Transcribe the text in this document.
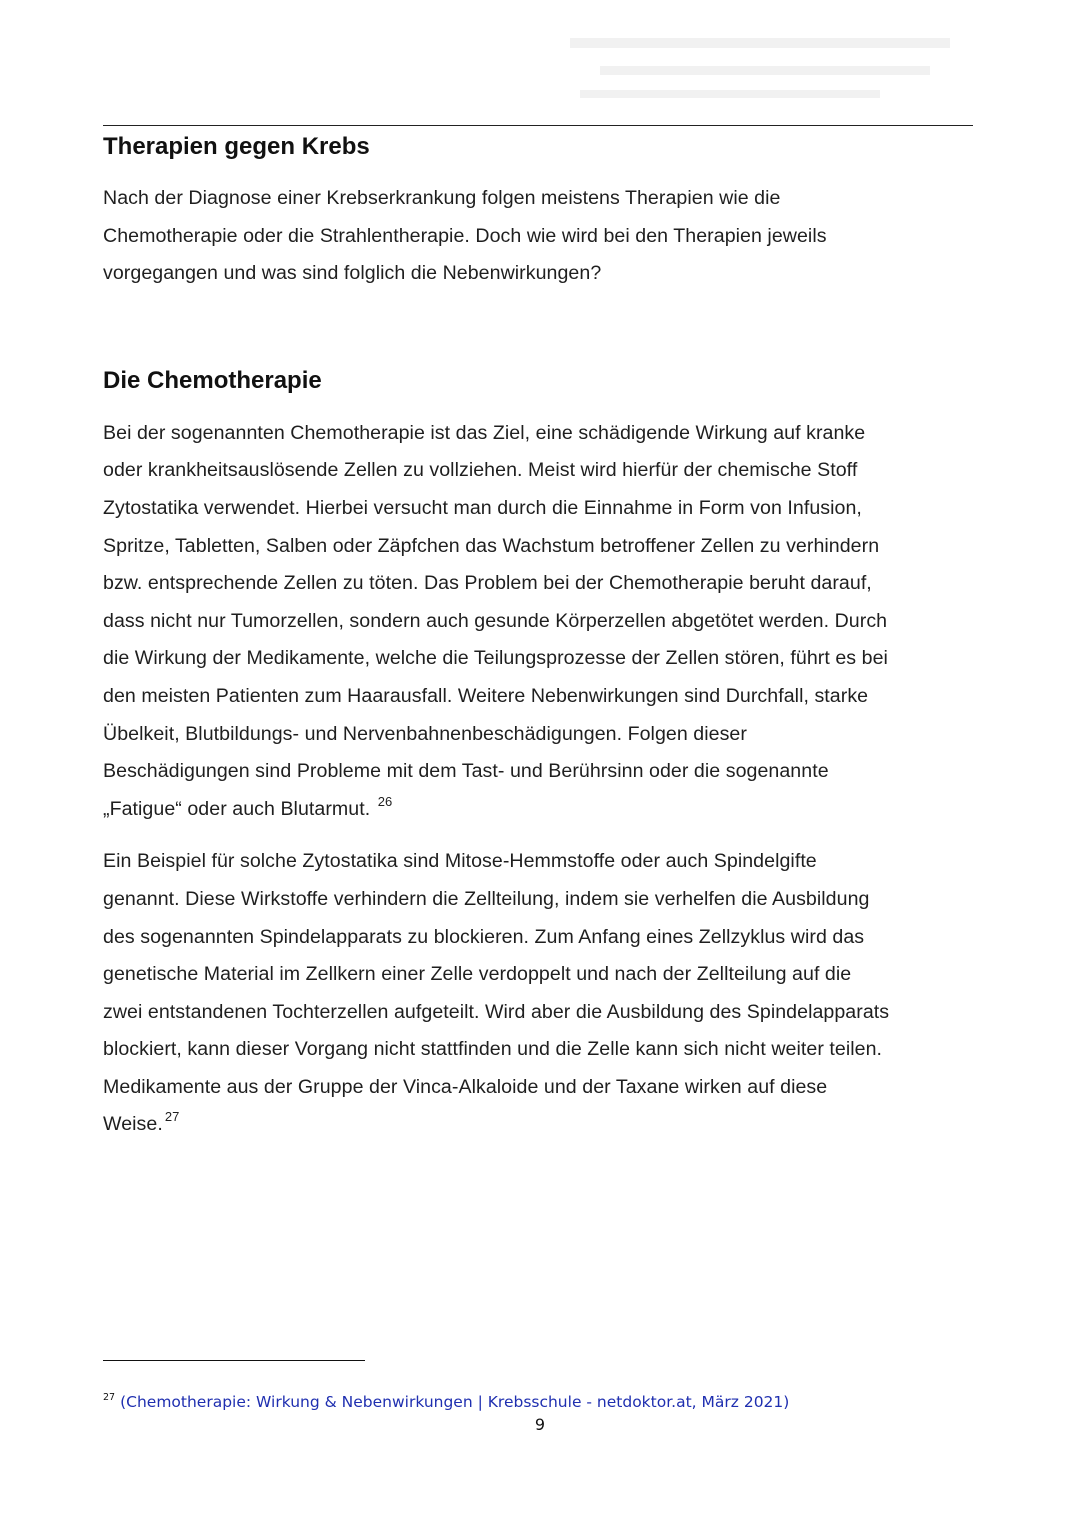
Therapien gegen Krebs

Nach der Diagnose einer Krebserkrankung folgen meistens Therapien wie die
Chemotherapie oder die Strahlentherapie. Doch wie wird bei den Therapien jeweils
vorgegangen und was sind folglich die Nebenwirkungen?

Die Chemotherapie

Bei der sogenannten Chemotherapie ist das Ziel, eine schädigende Wirkung auf kranke
oder krankheitsauslösende Zellen zu vollziehen. Meist wird hierfür der chemische Stoff
Zytostatika verwendet. Hierbei versucht man durch die Einnahme in Form von Infusion,
Spritze, Tabletten, Salben oder Zäpfchen das Wachstum betroffener Zellen zu verhindern
bzw. entsprechende Zellen zu töten. Das Problem bei der Chemotherapie beruht darauf,
dass nicht nur Tumorzellen, sondern auch gesunde Körperzellen abgetötet werden. Durch
die Wirkung der Medikamente, welche die Teilungsprozesse der Zellen stören, führt es bei
den meisten Patienten zum Haarausfall. Weitere Nebenwirkungen sind Durchfall, starke
Übelkeit, Blutbildungs- und Nervenbahnenbeschädigungen. Folgen dieser
Beschädigungen sind Probleme mit dem Tast- und Berührsinn oder die sogenannte
„Fatigue“ oder auch Blutarmut. $^{26}$

Ein Beispiel für solche Zytostatika sind Mitose-Hemmstoffe oder auch Spindelgifte
genannt. Diese Wirkstoffe verhindern die Zellteilung, indem sie verhelfen die Ausbildung
des sogenannten Spindelapparats zu blockieren. Zum Anfang eines Zellzyklus wird das
genetische Material im Zellkern einer Zelle verdoppelt und nach der Zellteilung auf die
zwei entstandenen Tochterzellen aufgeteilt. Wird aber die Ausbildung des Spindelapparats
blockiert, kann dieser Vorgang nicht stattfinden und die Zelle kann sich nicht weiter teilen.
Medikamente aus der Gruppe der Vinca-Alkaloide und der Taxane wirken auf diese
Weise. $^{27}$

$^{27}$ (Chemotherapie: Wirkung & Nebenwirkungen | Krebsschule - netdoktor.at, März 2021)
9
